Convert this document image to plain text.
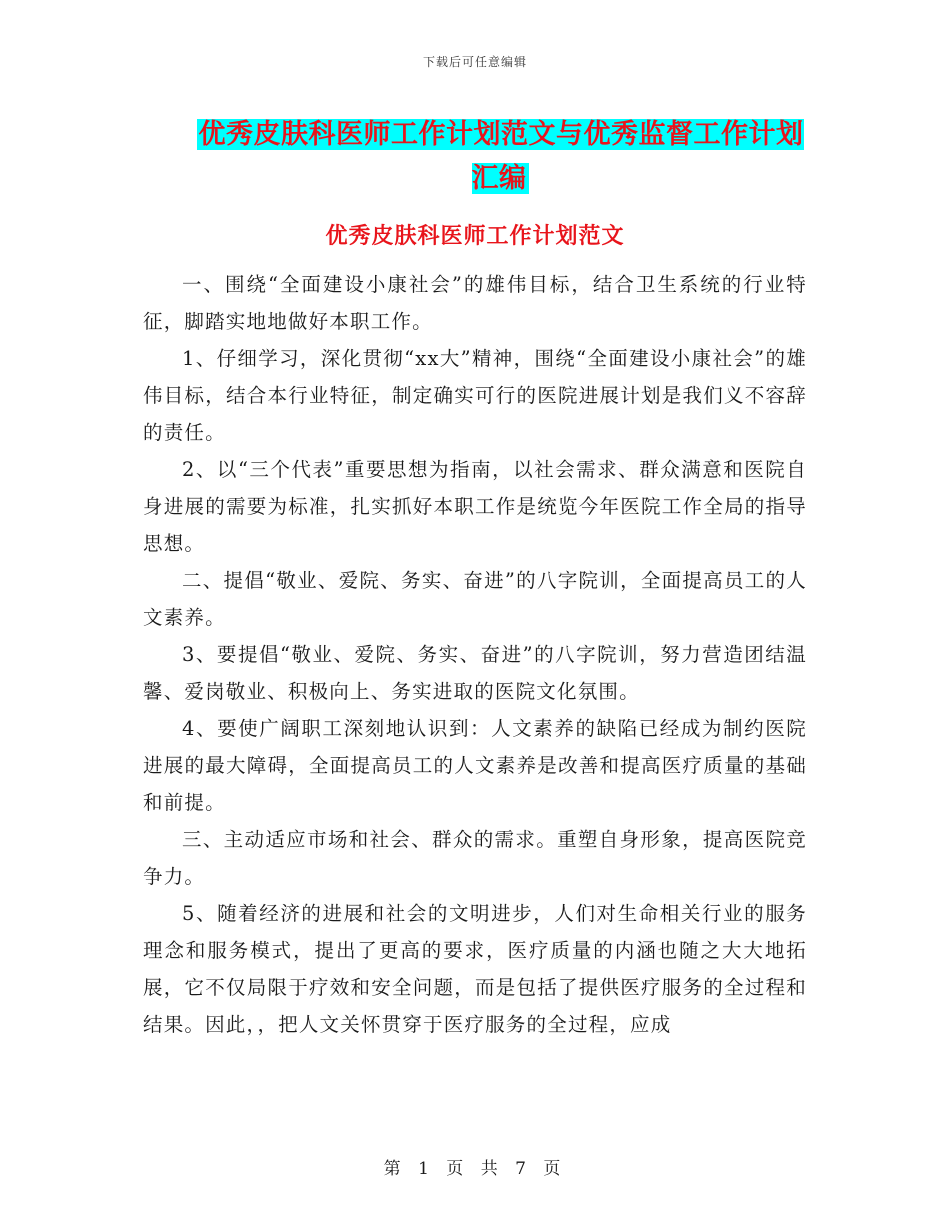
下载后可任意编辑
优秀皮肤科医师工作计划范文与优秀监督工作计划汇编
优秀皮肤科医师工作计划范文

一、围绕“全面建设小康社会”的雄伟目标，结合卫生系统的行业特征，脚踏实地地做好本职工作。

1、仔细学习，深化贯彻“xx大”精神，围绕“全面建设小康社会”的雄伟目标，结合本行业特征，制定确实可行的医院进展计划是我们义不容辞的责任。

2、以“三个代表”重要思想为指南，以社会需求、群众满意和医院自身进展的需要为标准，扎实抓好本职工作是统览今年医院工作全局的指导思想。

二、提倡“敬业、爱院、务实、奋进”的八字院训，全面提高员工的人文素养。

3、要提倡“敬业、爱院、务实、奋进”的八字院训，努力营造团结温馨、爱岗敬业、积极向上、务实进取的医院文化氛围。

4、要使广阔职工深刻地认识到：人文素养的缺陷已经成为制约医院进展的最大障碍，全面提高员工的人文素养是改善和提高医疗质量的基础和前提。

三、主动适应市场和社会、群众的需求。重塑自身形象，提高医院竞争力。

5、随着经济的进展和社会的文明进步，人们对生命相关行业的服务理念和服务模式，提出了更高的要求，医疗质量的内涵也随之大大地拓展，它不仅局限于疗效和安全问题，而是包括了提供医疗服务的全过程和结果。因此，，把人文关怀贯穿于医疗服务的全过程，应成

第 1 页 共 7 页
